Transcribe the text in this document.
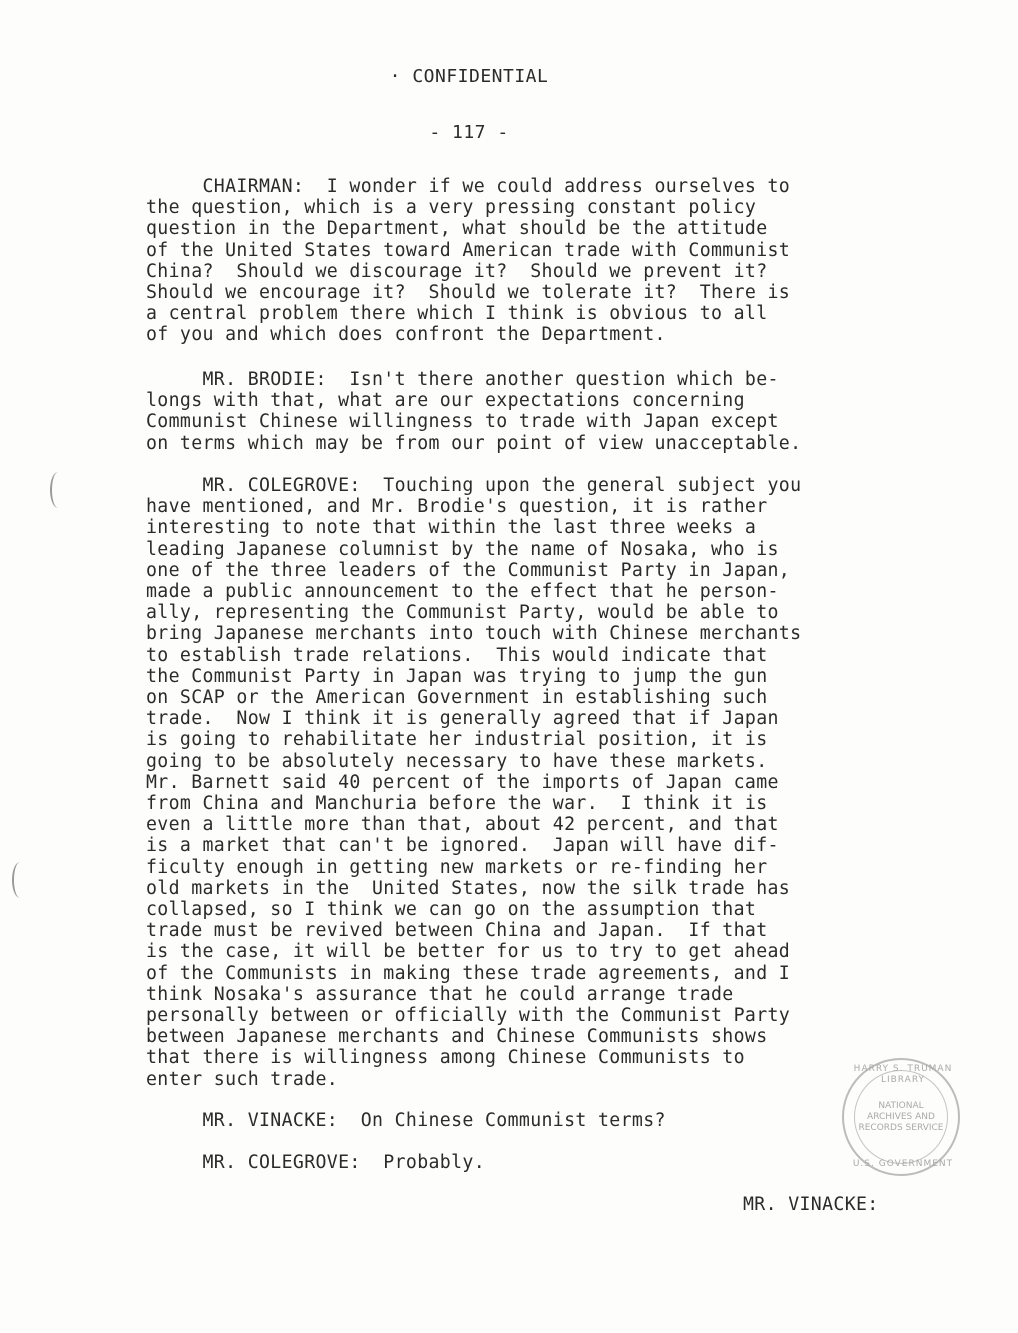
· CONFIDENTIAL
- 117 -
CHAIRMAN:  I wonder if we could address ourselves to
the question, which is a very pressing constant policy
question in the Department, what should be the attitude
of the United States toward American trade with Communist
China?  Should we discourage it?  Should we prevent it?
Should we encourage it?  Should we tolerate it?  There is
a central problem there which I think is obvious to all
of you and which does confront the Department.
MR. BRODIE:  Isn't there another question which be-
longs with that, what are our expectations concerning
Communist Chinese willingness to trade with Japan except
on terms which may be from our point of view unacceptable.
MR. COLEGROVE:  Touching upon the general subject you
have mentioned, and Mr. Brodie's question, it is rather
interesting to note that within the last three weeks a
leading Japanese columnist by the name of Nosaka, who is
one of the three leaders of the Communist Party in Japan,
made a public announcement to the effect that he person-
ally, representing the Communist Party, would be able to
bring Japanese merchants into touch with Chinese merchants
to establish trade relations.  This would indicate that
the Communist Party in Japan was trying to jump the gun
on SCAP or the American Government in establishing such
trade.  Now I think it is generally agreed that if Japan
is going to rehabilitate her industrial position, it is
going to be absolutely necessary to have these markets.
Mr. Barnett said 40 percent of the imports of Japan came
from China and Manchuria before the war.  I think it is
even a little more than that, about 42 percent, and that
is a market that can't be ignored.  Japan will have dif-
ficulty enough in getting new markets or re-finding her
old markets in the  United States, now the silk trade has
collapsed, so I think we can go on the assumption that
trade must be revived between China and Japan.  If that
is the case, it will be better for us to try to get ahead
of the Communists in making these trade agreements, and I
think Nosaka's assurance that he could arrange trade
personally between or officially with the Communist Party
between Japanese merchants and Chinese Communists shows
that there is willingness among Chinese Communists to
enter such trade.
MR. VINACKE:  On Chinese Communist terms?
MR. COLEGROVE:  Probably.
MR. VINACKE:
HARRY S. TRUMAN LIBRARY
NATIONAL ARCHIVES AND RECORDS SERVICE
U.S. GOVERNMENT
